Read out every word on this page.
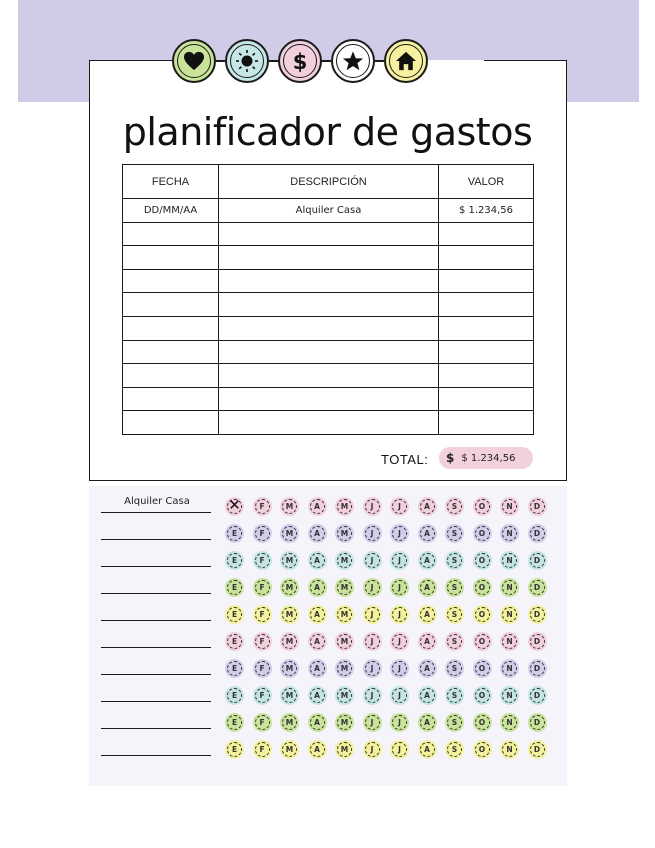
$
planificador de gastos
FECHA	DESCRIPCIÓN	VALOR
DD/MM/AA	Alquiler Casa	$ 1.234,56

TOTAL: $ $ 1.234,56
Alquiler Casa ✕	F	M	A	M	J	J	A	S	O	N	D
E	F	M	A	M	J	J	A	S	O	N	D
E	F	M	A	M	J	J	A	S	O	N	D
E	F	M	A	M	J	J	A	S	O	N	D
E	F	M	A	M	J	J	A	S	O	N	D
E	F	M	A	M	J	J	A	S	O	N	D
E	F	M	A	M	J	J	A	S	O	N	D
E	F	M	A	M	J	J	A	S	O	N	D
E	F	M	A	M	J	J	A	S	O	N	D
E	F	M	A	M	J	J	A	S	O	N	D
